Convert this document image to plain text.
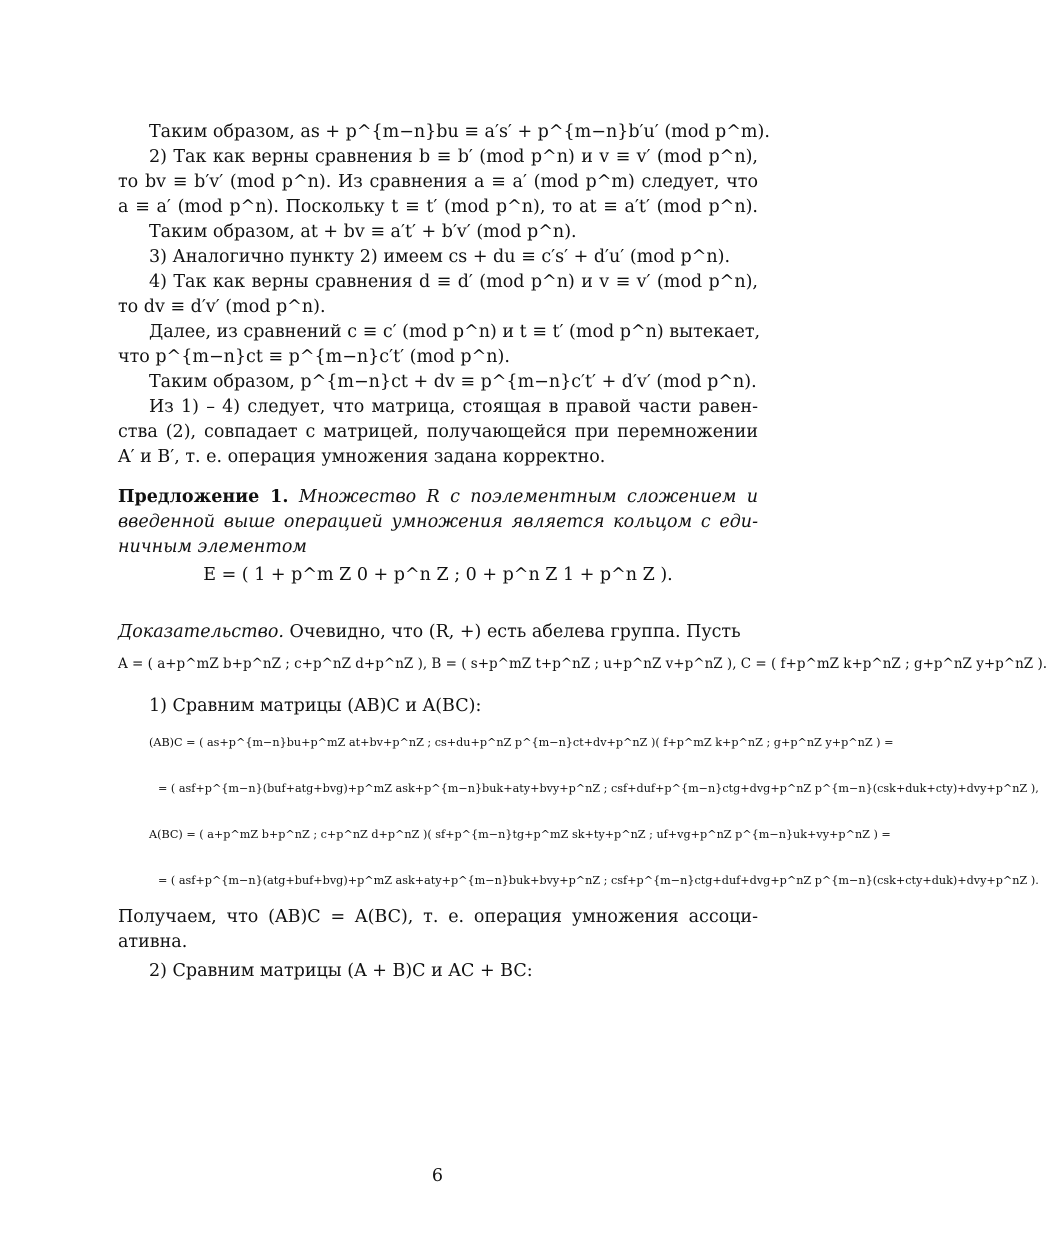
Таким образом, as + p^{m−n}bu ≡ a′s′ + p^{m−n}b′u′ (mod p^m).
2) Так как верны сравнения b ≡ b′ (mod p^n) и v ≡ v′ (mod p^n),
то bv ≡ b′v′ (mod p^n). Из сравнения a ≡ a′ (mod p^m) следует, что
a ≡ a′ (mod p^n). Поскольку t ≡ t′ (mod p^n), то at ≡ a′t′ (mod p^n).
Таким образом, at + bv ≡ a′t′ + b′v′ (mod p^n).
3) Аналогично пункту 2) имеем cs + du ≡ c′s′ + d′u′ (mod p^n).
4) Так как верны сравнения d ≡ d′ (mod p^n) и v ≡ v′ (mod p^n),
то dv ≡ d′v′ (mod p^n).
Далее, из сравнений c ≡ c′ (mod p^n) и t ≡ t′ (mod p^n) вытекает,
что p^{m−n}ct ≡ p^{m−n}c′t′ (mod p^n).
Таким образом, p^{m−n}ct + dv ≡ p^{m−n}c′t′ + d′v′ (mod p^n).
Из 1) – 4) следует, что матрица, стоящая в правой части равен-
ства (2), совпадает с матрицей, получающейся при перемножении
A′ и B′, т. е. операция умножения задана корректно.
Предложение 1. Множество R с поэлементным сложением и
введенной выше операцией умножения является кольцом с еди-
ничным элементом
E = ( 1 + p^m Z 0 + p^n Z ; 0 + p^n Z 1 + p^n Z ).
Доказательство. Очевидно, что (R, +) есть абелева группа. Пусть
A = ( a+p^mZ b+p^nZ ; c+p^nZ d+p^nZ ), B = ( s+p^mZ t+p^nZ ; u+p^nZ v+p^nZ ), C = ( f+p^mZ k+p^nZ ; g+p^nZ y+p^nZ ).
1) Сравним матрицы (AB)C и A(BC):
(AB)C = ( as+p^{m−n}bu+p^mZ at+bv+p^nZ ; cs+du+p^nZ p^{m−n}ct+dv+p^nZ )( f+p^mZ k+p^nZ ; g+p^nZ y+p^nZ ) =
= ( asf+p^{m−n}(buf+atg+bvg)+p^mZ ask+p^{m−n}buk+aty+bvy+p^nZ ; csf+duf+p^{m−n}ctg+dvg+p^nZ p^{m−n}(csk+duk+cty)+dvy+p^nZ ),
A(BC) = ( a+p^mZ b+p^nZ ; c+p^nZ d+p^nZ )( sf+p^{m−n}tg+p^mZ sk+ty+p^nZ ; uf+vg+p^nZ p^{m−n}uk+vy+p^nZ ) =
= ( asf+p^{m−n}(atg+buf+bvg)+p^mZ ask+aty+p^{m−n}buk+bvy+p^nZ ; csf+p^{m−n}ctg+duf+dvg+p^nZ p^{m−n}(csk+cty+duk)+dvy+p^nZ ).
Получаем, что (AB)C = A(BC), т. е. операция умножения ассоци-
ативна.
2) Сравним матрицы (A + B)C и AC + BC:
6
